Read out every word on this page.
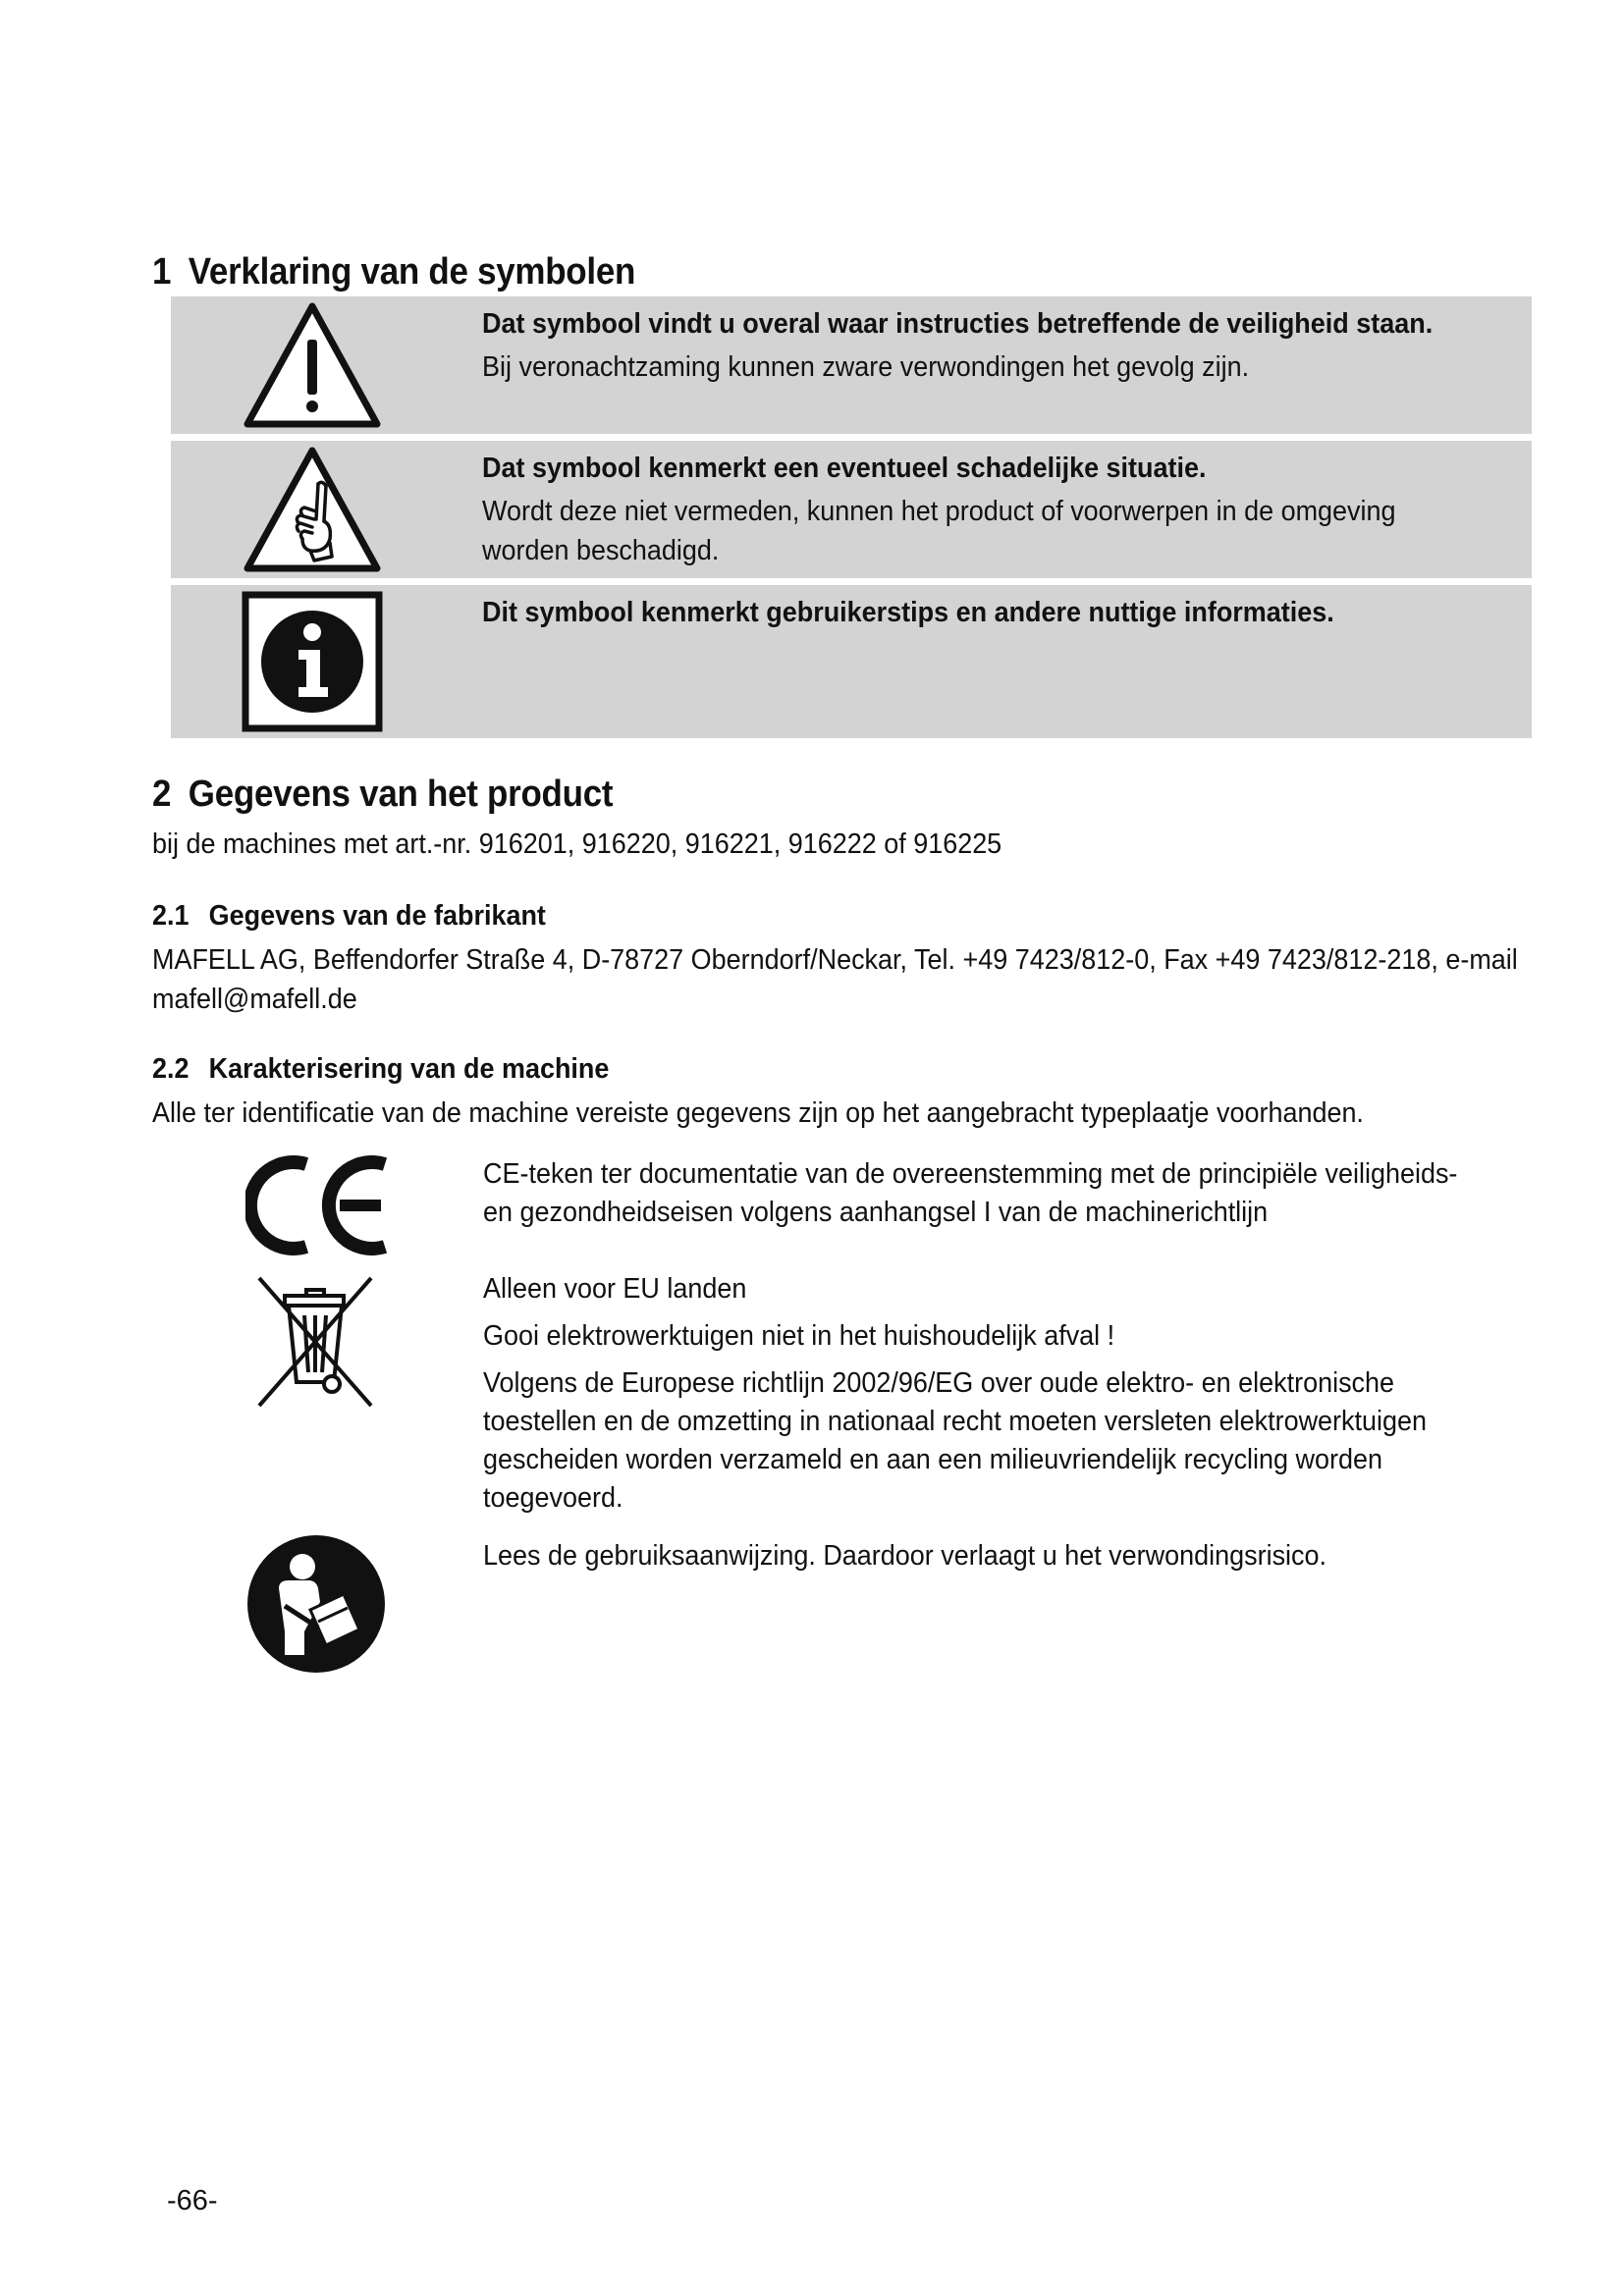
1 Verklaring van de symbolen
Dat symbool vindt u overal waar instructies betreffende de veiligheid staan.
Bij veronachtzaming kunnen zware verwondingen het gevolg zijn.
Dat symbool kenmerkt een eventueel schadelijke situatie.
Wordt deze niet vermeden, kunnen het product of voorwerpen in de omgeving worden beschadigd.
Dit symbool kenmerkt gebruikerstips en andere nuttige informaties.
2 Gegevens van het product
bij de machines met art.-nr. 916201, 916220, 916221, 916222 of 916225
2.1 Gegevens van de fabrikant
MAFELL AG, Beffendorfer Straße 4, D-78727 Oberndorf/Neckar, Tel. +49 7423/812-0, Fax +49 7423/812-218, e-mail mafell@mafell.de
2.2 Karakterisering van de machine
Alle ter identificatie van de machine vereiste gegevens zijn op het aangebracht typeplaatje voorhanden.
CE-teken ter documentatie van de overeenstemming met de principiële veiligheids- en gezondheidseisen volgens aanhangsel I van de machinerichtlijn

Alleen voor EU landen

Gooi elektrowerktuigen niet in het huishoudelijk afval !

Volgens de Europese richtlijn 2002/96/EG over oude elektro- en elektronische toestellen en de omzetting in nationaal recht moeten versleten elektrowerktuigen gescheiden worden verzameld en aan een milieuvriendelijk recycling worden toegevoerd.

Lees de gebruiksaanwijzing. Daardoor verlaagt u het verwondingsrisico.
-66-
